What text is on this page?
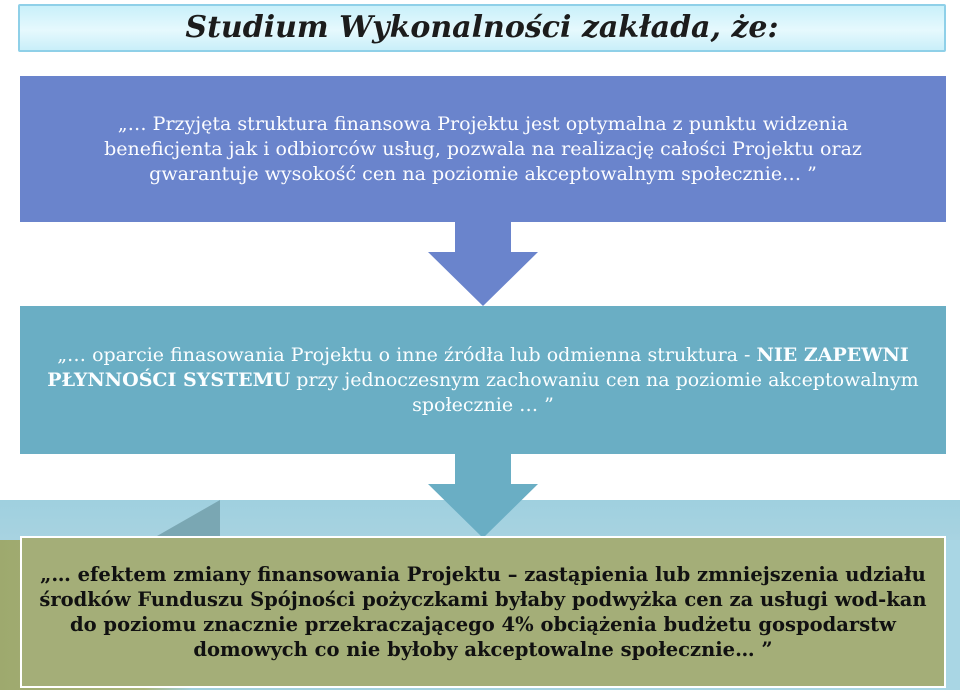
Studium Wykonalności zakłada, że:
„… Przyjęta struktura finansowa Projektu jest optymalna z punktu widzenia beneficjenta jak i odbiorców usług, pozwala na realizację całości Projektu oraz gwarantuje wysokość cen na poziomie akceptowalnym społecznie… ”
„… oparcie finasowania Projektu o inne źródła lub odmienna struktura - NIE ZAPEWNI PŁYNNOŚCI SYSTEMU przy jednoczesnym zachowaniu cen na poziomie akceptowalnym społecznie … ”
„… efektem zmiany finansowania Projektu – zastąpienia lub zmniejszenia udziału środków Funduszu Spójności pożyczkami byłaby podwyżka cen za usługi wod-kan do poziomu znacznie przekraczającego 4% obciążenia budżetu gospodarstw domowych co nie byłoby akceptowalne społecznie… ”
